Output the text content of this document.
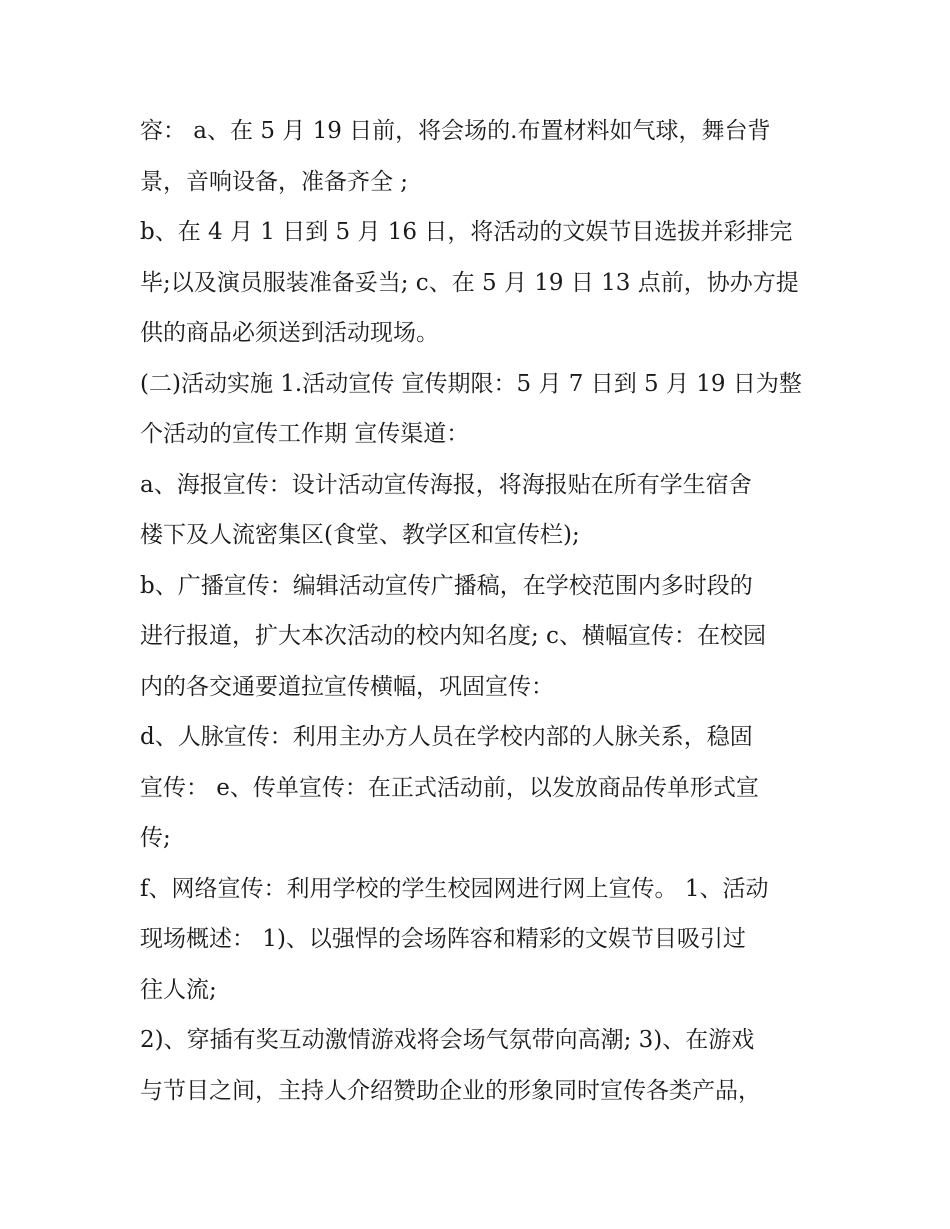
容： a、在 5 月 19 日前，将会场的.布置材料如气球，舞台背
景，音响设备，准备齐全 ;

b、在 4 月 1 日到 5 月 16 日，将活动的文娱节目选拔并彩排完
毕;以及演员服装准备妥当; c、在 5 月 19 日 13 点前，协办方提
供的商品必须送到活动现场。

(二)活动实施 1.活动宣传 宣传期限：5 月 7 日到 5 月 19 日为整
个活动的宣传工作期 宣传渠道：

a、海报宣传：设计活动宣传海报，将海报贴在所有学生宿舍
楼下及人流密集区(食堂、教学区和宣传栏);

b、广播宣传：编辑活动宣传广播稿，在学校范围内多时段的
进行报道，扩大本次活动的校内知名度; c、横幅宣传：在校园
内的各交通要道拉宣传横幅，巩固宣传：

d、人脉宣传：利用主办方人员在学校内部的人脉关系，稳固
宣传： e、传单宣传：在正式活动前，以发放商品传单形式宣
传;

f、网络宣传：利用学校的学生校园网进行网上宣传。 1、活动
现场概述： 1)、以强悍的会场阵容和精彩的文娱节目吸引过
往人流;

2)、穿插有奖互动激情游戏将会场气氛带向高潮; 3)、在游戏
与节目之间，主持人介绍赞助企业的形象同时宣传各类产品，
